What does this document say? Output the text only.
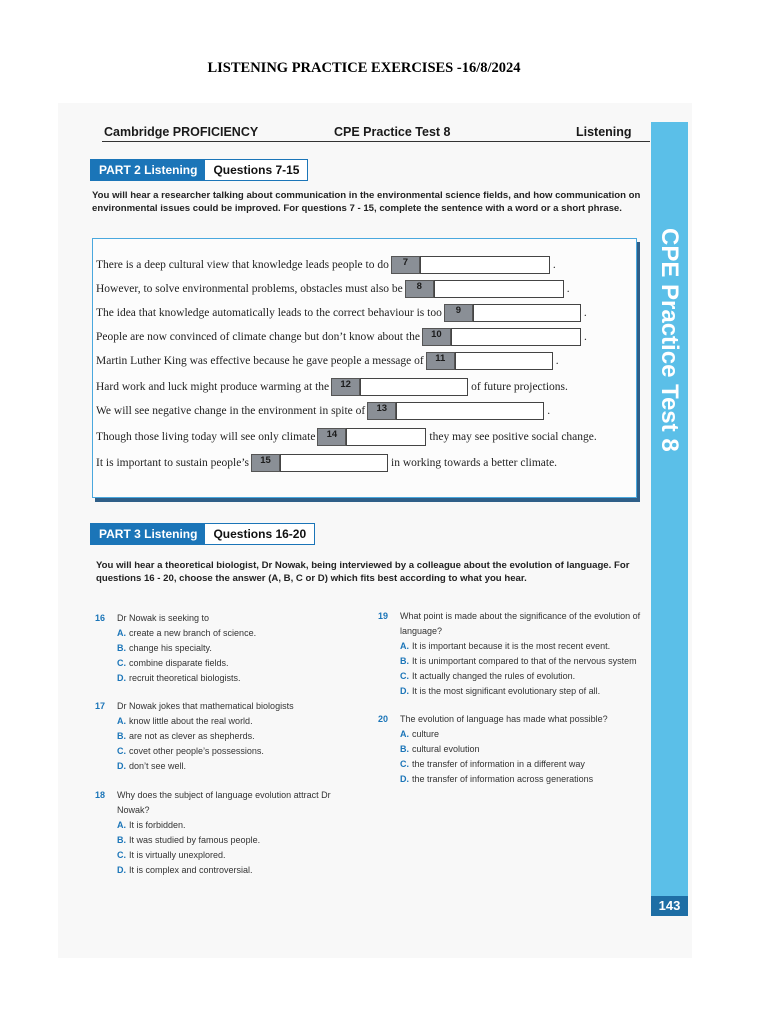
LISTENING PRACTICE EXERCISES -16/8/2024
CPE Practice Test 8
143
Cambridge PROFICIENCY	CPE Practice Test 8	Listening
PART 2 Listening	Questions 7-15
You will hear a researcher talking about communication in the environmental science fields, and how communication on environmental issues could be improved. For questions 7 - 15, complete the sentence with a word or a short phrase.
There is a deep cultural view that knowledge leads people to do	7	.
However, to solve environmental problems, obstacles must also be	8	.
The idea that knowledge automatically leads to the correct behaviour is too	9	.
People are now convinced of climate change but don’t know about the	10	.
Martin Luther King was effective because he gave people a message of	11	.
Hard work and luck might produce warming at the	12	of future projections.
We will see negative change in the environment in spite of	13	.
Though those living today will see only climate	14	they may see positive social change.
It is important to sustain people’s	15	in working towards a better climate.
PART 3 Listening	Questions 16-20
You will hear a theoretical biologist, Dr Nowak, being interviewed by a colleague about the evolution of language. For questions 16 - 20, choose the answer (A, B, C or D) which fits best according to what you hear.
16 Dr Nowak is seeking to
A. create a new branch of science.
B. change his specialty.
C. combine disparate fields.
D. recruit theoretical biologists.
17 Dr Nowak jokes that mathematical biologists
A. know little about the real world.
B. are not as clever as shepherds.
C. covet other people’s possessions.
D. don’t see well.
18 Why does the subject of language evolution attract Dr Nowak?
A. It is forbidden.
B. It was studied by famous people.
C. It is virtually unexplored.
D. It is complex and controversial.
19 What point is made about the significance of the evolution of language?
A. It is important because it is the most recent event.
B. It is unimportant compared to that of the nervous system
C. It actually changed the rules of evolution.
D. It is the most significant evolutionary step of all.
20 The evolution of language has made what possible?
A. culture
B. cultural evolution
C. the transfer of information in a different way
D. the transfer of information across generations
